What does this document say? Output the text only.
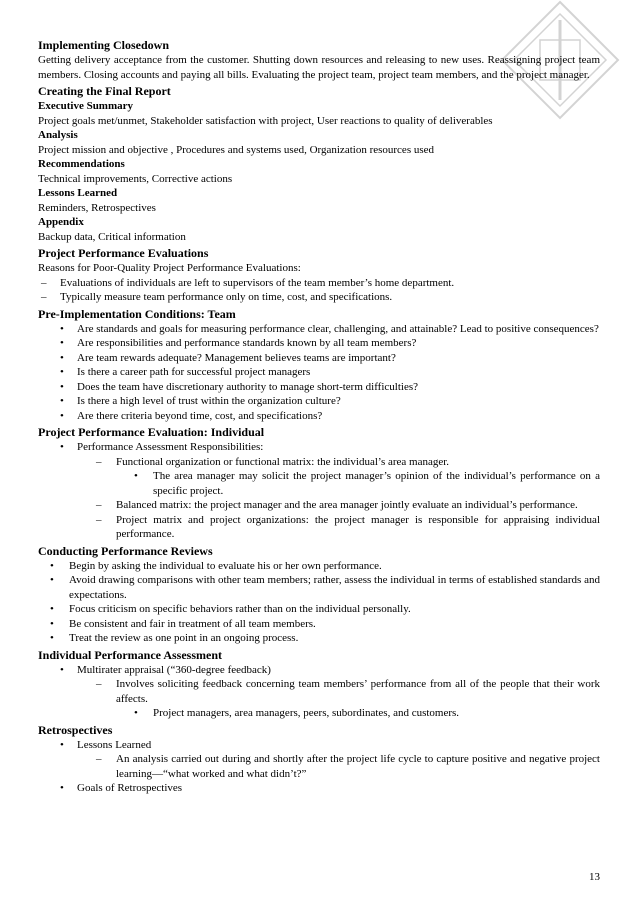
Implementing Closedown
Getting delivery acceptance from the customer. Shutting down resources and releasing to new uses. Reassigning project team members. Closing accounts and paying all bills. Evaluating the project team, project team members, and the project manager.
Creating the Final Report
Executive Summary
Project goals met/unmet, Stakeholder satisfaction with project, User reactions to quality of deliverables
Analysis
Project mission and objective , Procedures and systems used, Organization resources used
Recommendations
Technical improvements, Corrective actions
Lessons Learned
Reminders, Retrospectives
Appendix
Backup data, Critical information
Project Performance Evaluations
Reasons for Poor-Quality Project Performance Evaluations:
– Evaluations of individuals are left to supervisors of the team member’s home department.
– Typically measure team performance only on time, cost, and specifications.
Pre-Implementation Conditions: Team
• Are standards and goals for measuring performance clear, challenging, and attainable? Lead to positive consequences?
• Are responsibilities and performance standards known by all team members?
• Are team rewards adequate? Management believes teams are important?
• Is there a career path for successful project managers
• Does the team have discretionary authority to manage short-term difficulties?
• Is there a high level of trust within the organization culture?
• Are there criteria beyond time, cost, and specifications?
Project Performance Evaluation: Individual
• Performance Assessment Responsibilities:
– Functional organization or functional matrix: the individual’s area manager.
• The area manager may solicit the project manager’s opinion of the individual’s performance on a specific project.
– Balanced matrix: the project manager and the area manager jointly evaluate an individual’s performance.
– Project matrix and project organizations: the project manager is responsible for appraising individual performance.
Conducting Performance Reviews
• Begin by asking the individual to evaluate his or her own performance.
• Avoid drawing comparisons with other team members; rather, assess the individual in terms of established standards and expectations.
• Focus criticism on specific behaviors rather than on the individual personally.
• Be consistent and fair in treatment of all team members.
• Treat the review as one point in an ongoing process.
Individual Performance Assessment
• Multirater appraisal (“360-degree feedback)
– Involves soliciting feedback concerning team members’ performance from all of the people that their work affects.
• Project managers, area managers, peers, subordinates, and customers.
Retrospectives
• Lessons Learned
– An analysis carried out during and shortly after the project life cycle to capture positive and negative project learning—“what worked and what didn’t?”
• Goals of Retrospectives
13
